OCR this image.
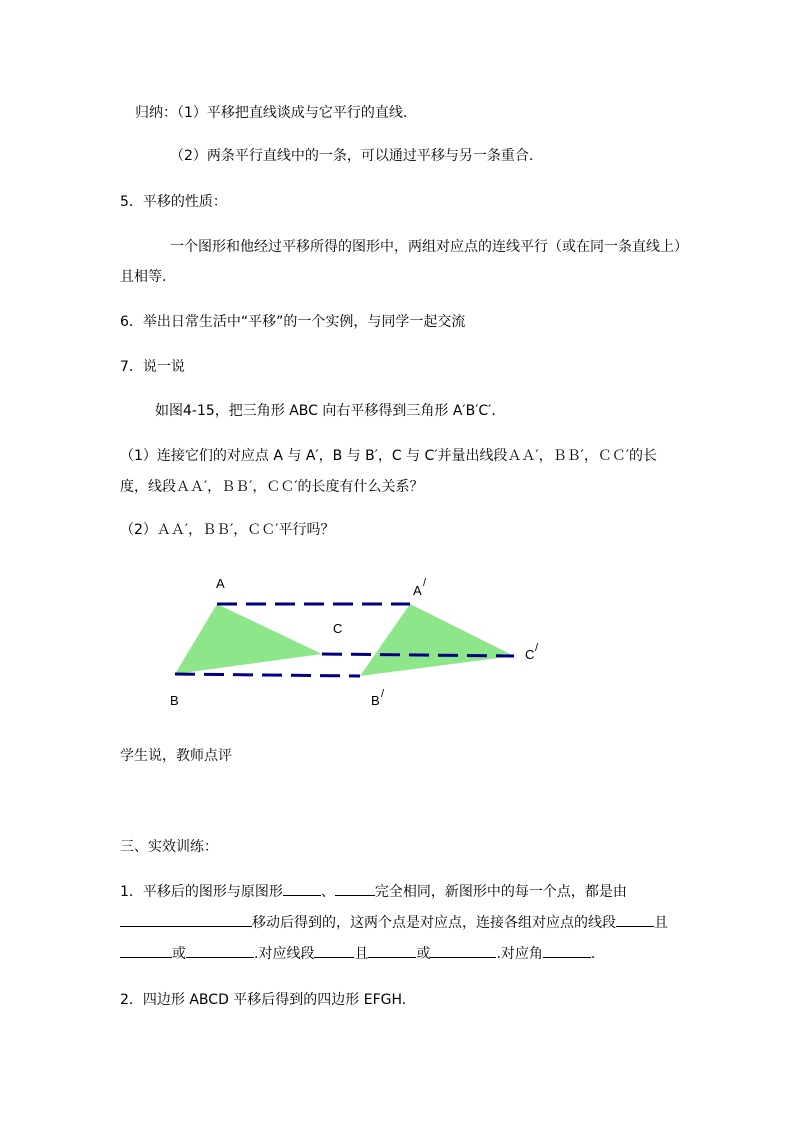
归纳：（1）平移把直线谈成与它平行的直线.
（2）两条平行直线中的一条，可以通过平移与另一条重合.
5．平移的性质：
一个图形和他经过平移所得的图形中，两组对应点的连线平行（或在同一条直线上）
且相等.
6．举出日常生活中“平移”的一个实例，与同学一起交流
7．说一说
如图4-15，把三角形 ABC 向右平移得到三角形 A′B′C′.
（1）连接它们的对应点 A 与 A′，B 与 B′，C 与 C′并量出线段ＡＡ′，ＢＢ′，ＣＣ′的长
度，线段ＡＡ′，ＢＢ′，ＣＣ′的长度有什么关系？
（2）ＡＡ′，ＢＢ′，ＣＣ′平行吗？
A
C
B
A /
C /
B /
学生说，教师点评
三、实效训练：
1．平移后的图形与原图形	、	完全相同，新图形中的每一个点，都是由
移动后得到的，这两个点是对应点，连接各组对应点的线段	且
或	.对应线段	且	或	.对应角	.
2．四边形 ABCD 平移后得到的四边形 EFGH.
